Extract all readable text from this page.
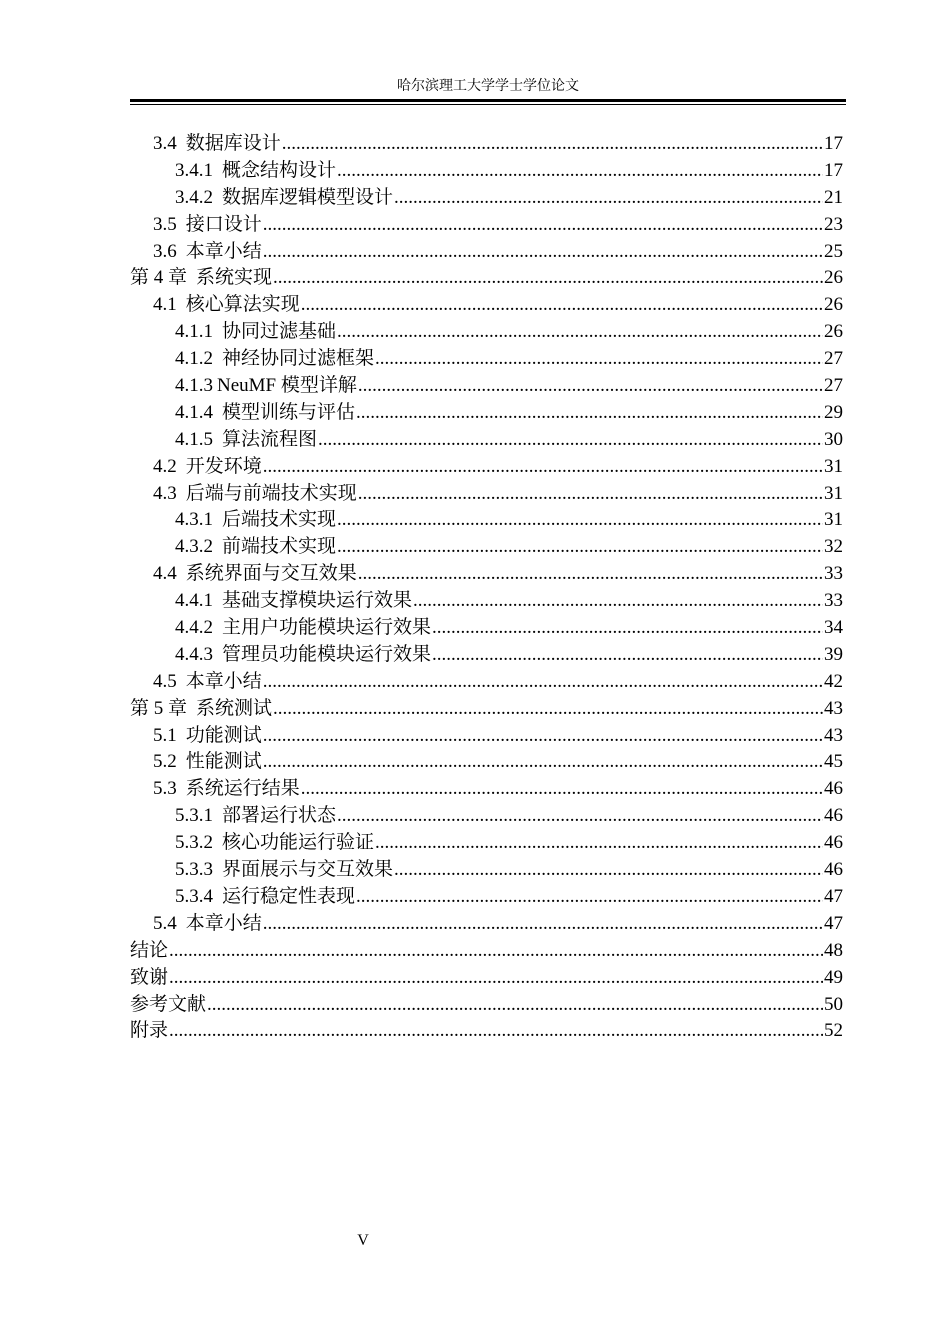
哈尔滨理工大学学士学位论文
3.4 数据库设计 .....	17
3.4.1 概念结构设计 .....	17
3.4.2 数据库逻辑模型设计 .....	21
3.5 接口设计 .....	23
3.6 本章小结 .....	25
第 4 章 系统实现 .....	26
4.1 核心算法实现 .....	26
4.1.1 协同过滤基础 .....	26
4.1.2 神经协同过滤框架 .....	27
4.1.3 NeuMF 模型详解 .....	27
4.1.4 模型训练与评估 .....	29
4.1.5 算法流程图 .....	30
4.2 开发环境 .....	31
4.3 后端与前端技术实现 .....	31
4.3.1 后端技术实现 .....	31
4.3.2 前端技术实现 .....	32
4.4 系统界面与交互效果 .....	33
4.4.1 基础支撑模块运行效果 .....	33
4.4.2 主用户功能模块运行效果 .....	34
4.4.3 管理员功能模块运行效果 .....	39
4.5 本章小结 .....	42
第 5 章 系统测试 .....	43
5.1 功能测试 .....	43
5.2 性能测试 .....	45
5.3 系统运行结果 .....	46
5.3.1 部署运行状态 .....	46
5.3.2 核心功能运行验证 .....	46
5.3.3 界面展示与交互效果 .....	46
5.3.4 运行稳定性表现 .....	47
5.4 本章小结 .....	47
结论 .....	48
致谢 .....	49
参考文献 .....	50
附录 .....	52
V
